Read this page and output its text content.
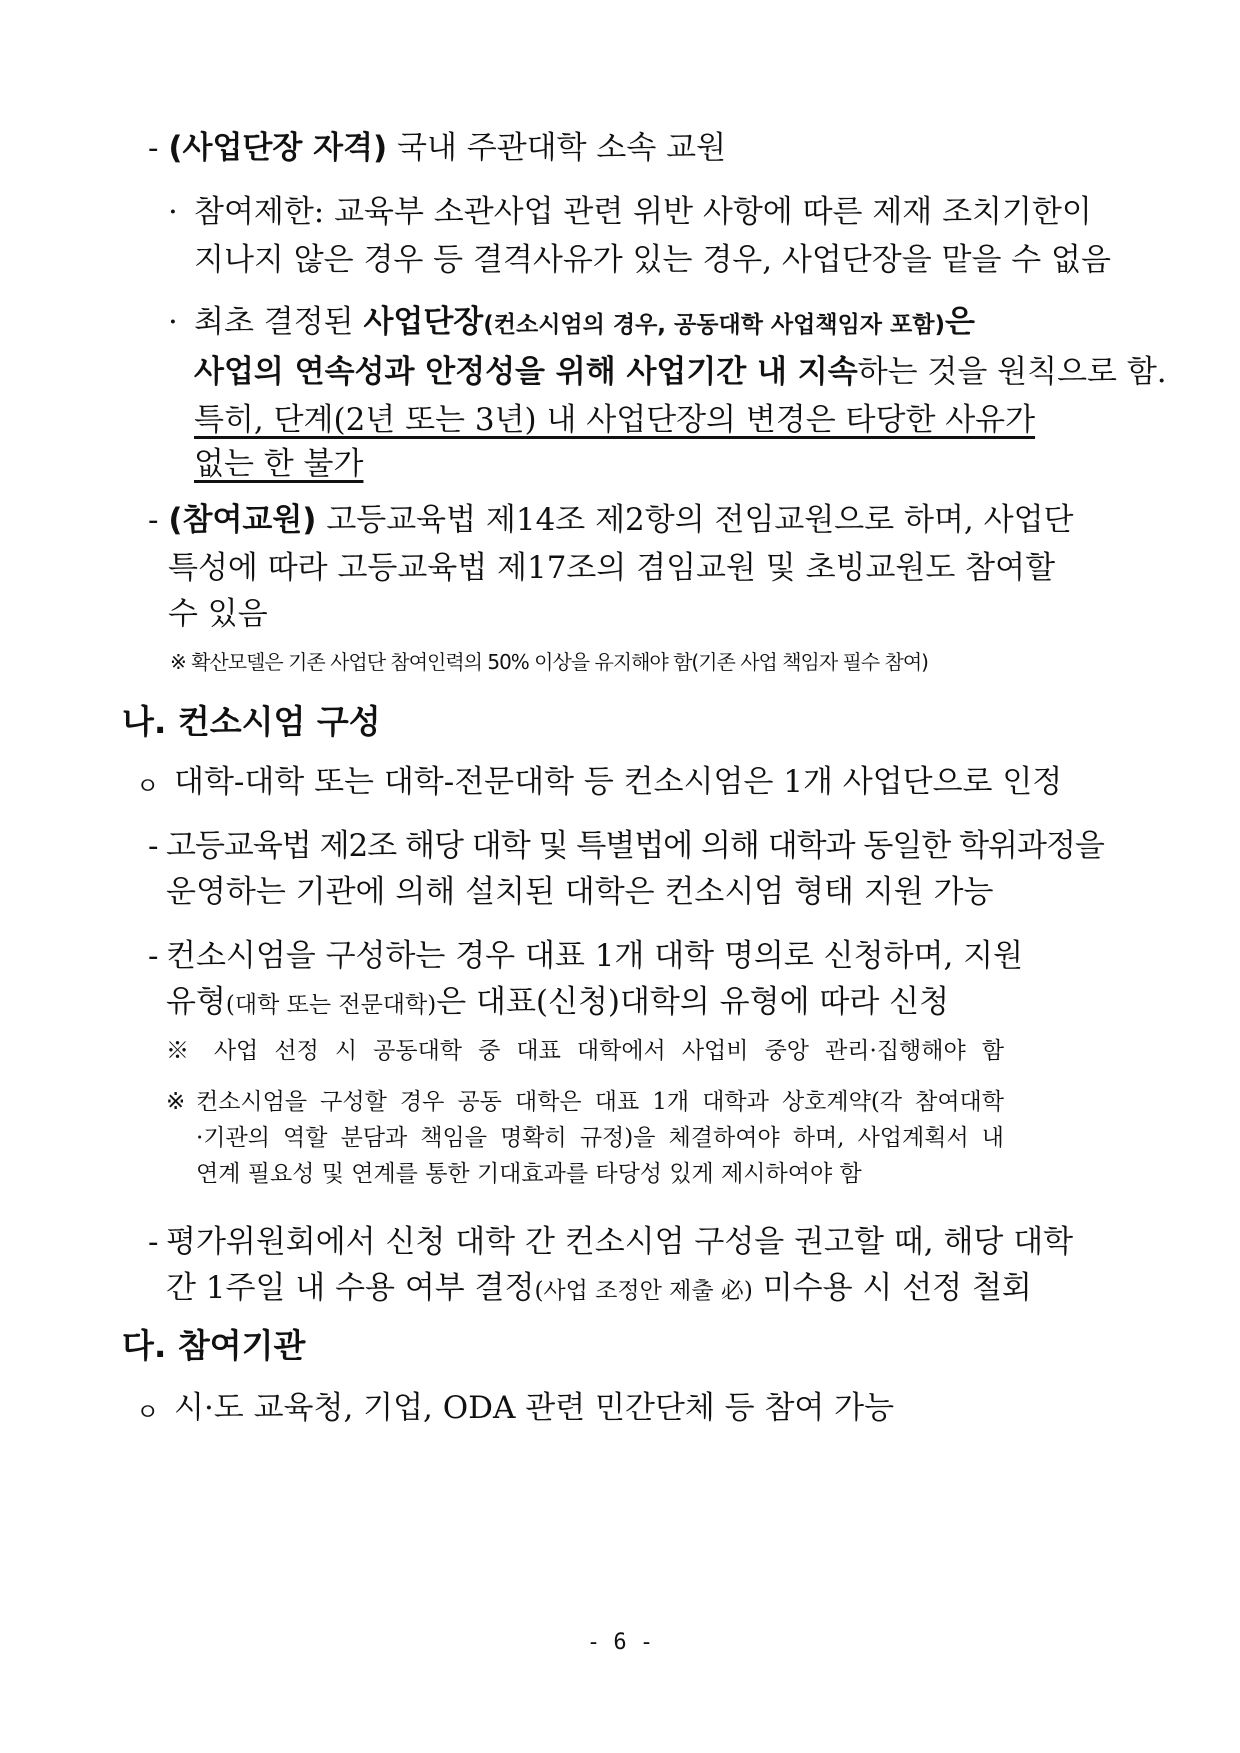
- (사업단장 자격) 국내 주관대학 소속 교원
· 참여제한: 교육부 소관사업 관련 위반 사항에 따른 제재 조치기한이
지나지 않은 경우 등 결격사유가 있는 경우, 사업단장을 맡을 수 없음
· 최초 결정된 사업단장(컨소시엄의 경우, 공동대학 사업책임자 포함)은
사업의 연속성과 안정성을 위해 사업기간 내 지속하는 것을 원칙으로 함.
특히, 단계(2년 또는 3년) 내 사업단장의 변경은 타당한 사유가
없는 한 불가
- (참여교원) 고등교육법 제14조 제2항의 전임교원으로 하며, 사업단
특성에 따라 고등교육법 제17조의 겸임교원 및 초빙교원도 참여할
수 있음
※ 확산모델은 기존 사업단 참여인력의 50% 이상을 유지해야 함(기존 사업 책임자 필수 참여)
나. 컨소시엄 구성
ㅇ 대학-대학 또는 대학-전문대학 등 컨소시엄은 1개 사업단으로 인정
- 고등교육법 제2조 해당 대학 및 특별법에 의해 대학과 동일한 학위과정을
운영하는 기관에 의해 설치된 대학은 컨소시엄 형태 지원 가능
- 컨소시엄을 구성하는 경우 대표 1개 대학 명의로 신청하며, 지원
유형(대학 또는 전문대학)은 대표(신청)대학의 유형에 따라 신청
※ 사업 선정 시 공동대학 중 대표 대학에서 사업비 중앙 관리·집행해야 함
※ 컨소시엄을 구성할 경우 공동 대학은 대표 1개 대학과 상호계약(각 참여대학
·기관의 역할 분담과 책임을 명확히 규정)을 체결하여야 하며, 사업계획서 내
연계 필요성 및 연계를 통한 기대효과를 타당성 있게 제시하여야 함
- 평가위원회에서 신청 대학 간 컨소시엄 구성을 권고할 때, 해당 대학
간 1주일 내 수용 여부 결정(사업 조정안 제출 必) 미수용 시 선정 철회
다. 참여기관
ㅇ 시·도 교육청, 기업, ODA 관련 민간단체 등 참여 가능
- 6 -
